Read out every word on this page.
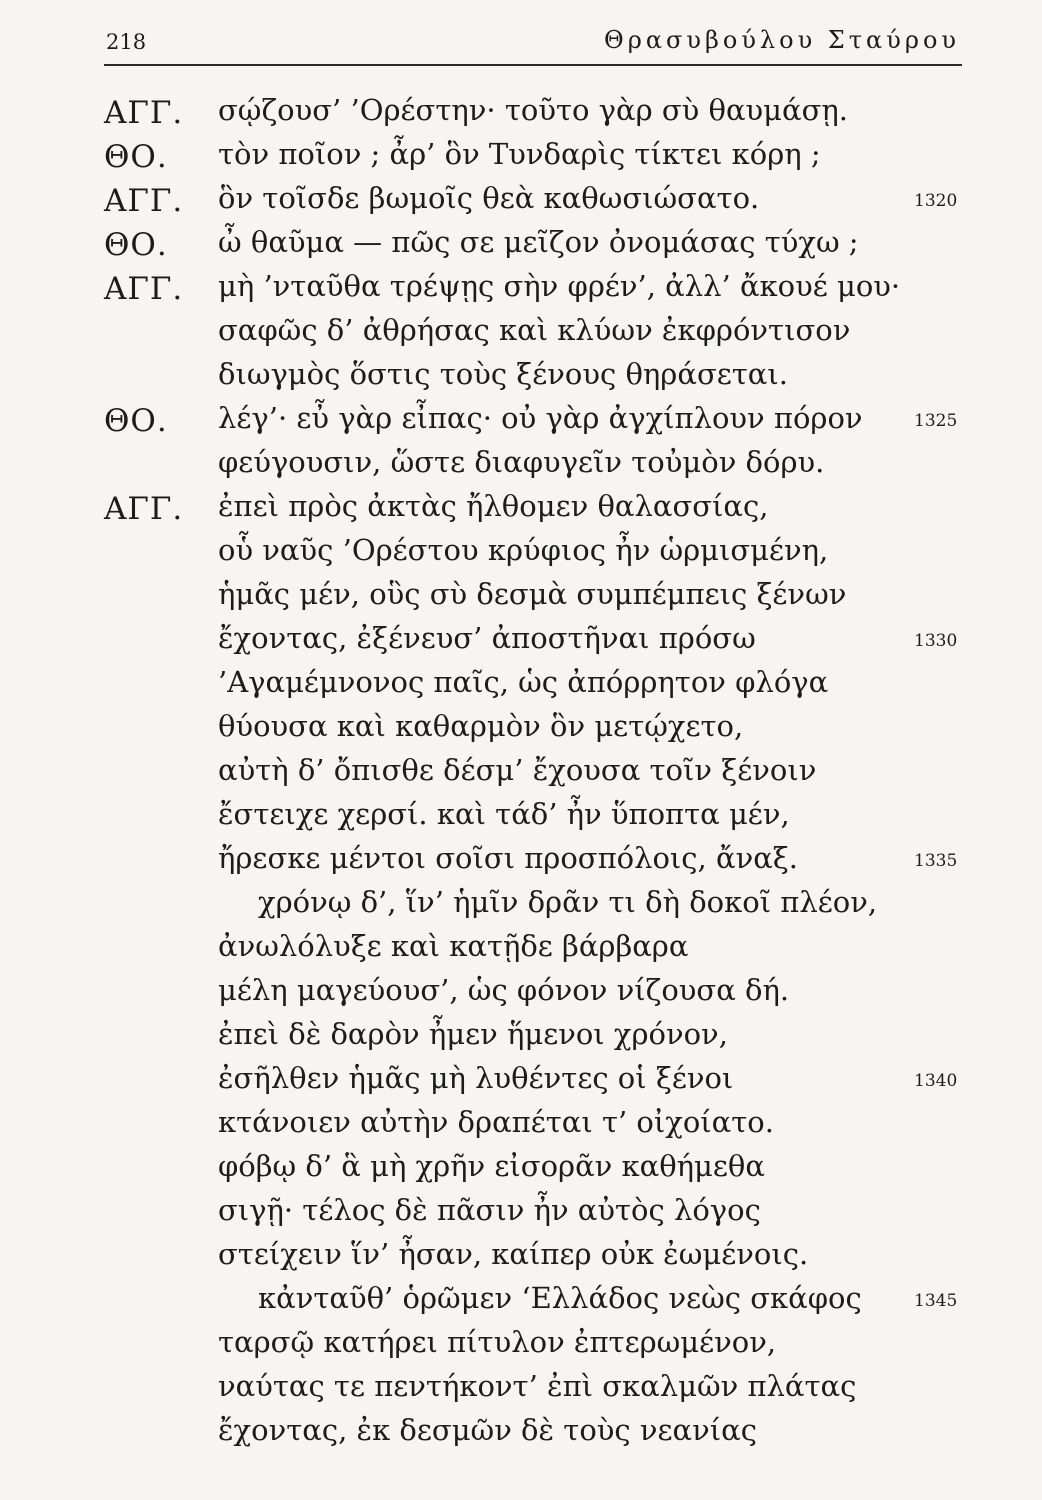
218	Θρασυβούλου Σταύρου
ΑΓΓ. σῴζουσ’ ’Ορέστην· τοῦτο γὰρ σὺ θαυμάσῃ.
ΘΟ. τὸν ποῖον ; ἆρ’ ὃν Τυνδαρὶς τίκτει κόρη ;
ΑΓΓ. ὃν τοῖσδε βωμοῖς θεὰ καθωσιώσατο.	1320
ΘΟ. ὦ θαῦμα — πῶς σε μεῖζον ὀνομάσας τύχω ;
ΑΓΓ. μὴ ’νταῦθα τρέψῃς σὴν φρέν’, ἀλλ’ ἄκουέ μου·
σαφῶς δ’ ἀθρήσας καὶ κλύων ἐκφρόντισον
διωγμὸς ὅστις τοὺς ξένους θηράσεται.
ΘΟ. λέγ’· εὖ γὰρ εἶπας· οὐ γὰρ ἀγχίπλουν πόρον	1325
φεύγουσιν, ὥστε διαφυγεῖν τοὐμὸν δόρυ.
ΑΓΓ. ἐπεὶ πρὸς ἀκτὰς ἤλθομεν θαλασσίας,
οὗ ναῦς ’Ορέστου κρύφιος ἦν ὡρμισμένη,
ἡμᾶς μέν, οὓς σὺ δεσμὰ συμπέμπεις ξένων
ἔχοντας, ἐξένευσ’ ἀποστῆναι πρόσω	1330
’Αγαμέμνονος παῖς, ὡς ἀπόρρητον φλόγα
θύουσα καὶ καθαρμὸν ὃν μετῴχετο,
αὐτὴ δ’ ὄπισθε δέσμ’ ἔχουσα τοῖν ξένοιν
ἔστειχε χερσί. καὶ τάδ’ ἦν ὕποπτα μέν,
ἤρεσκε μέντοι σοῖσι προσπόλοις, ἄναξ.	1335
χρόνῳ δ’, ἵν’ ἡμῖν δρᾶν τι δὴ δοκοῖ πλέον,
ἀνωλόλυξε καὶ κατῇδε βάρβαρα
μέλη μαγεύουσ’, ὡς φόνον νίζουσα δή.
ἐπεὶ δὲ δαρὸν ἦμεν ἥμενοι χρόνον,
ἐσῆλθεν ἡμᾶς μὴ λυθέντες οἱ ξένοι	1340
κτάνοιεν αὐτὴν δραπέται τ’ οἰχοίατο.
φόβῳ δ’ ἃ μὴ χρῆν εἰσορᾶν καθήμεθα
σιγῇ· τέλος δὲ πᾶσιν ἦν αὐτὸς λόγος
στείχειν ἵν’ ἦσαν, καίπερ οὐκ ἐωμένοις.
κἀνταῦθ’ ὁρῶμεν ‘Ελλάδος νεὼς σκάφος	1345
ταρσῷ κατήρει πίτυλον ἐπτερωμένον,
ναύτας τε πεντήκοντ’ ἐπὶ σκαλμῶν πλάτας
ἔχοντας, ἐκ δεσμῶν δὲ τοὺς νεανίας
